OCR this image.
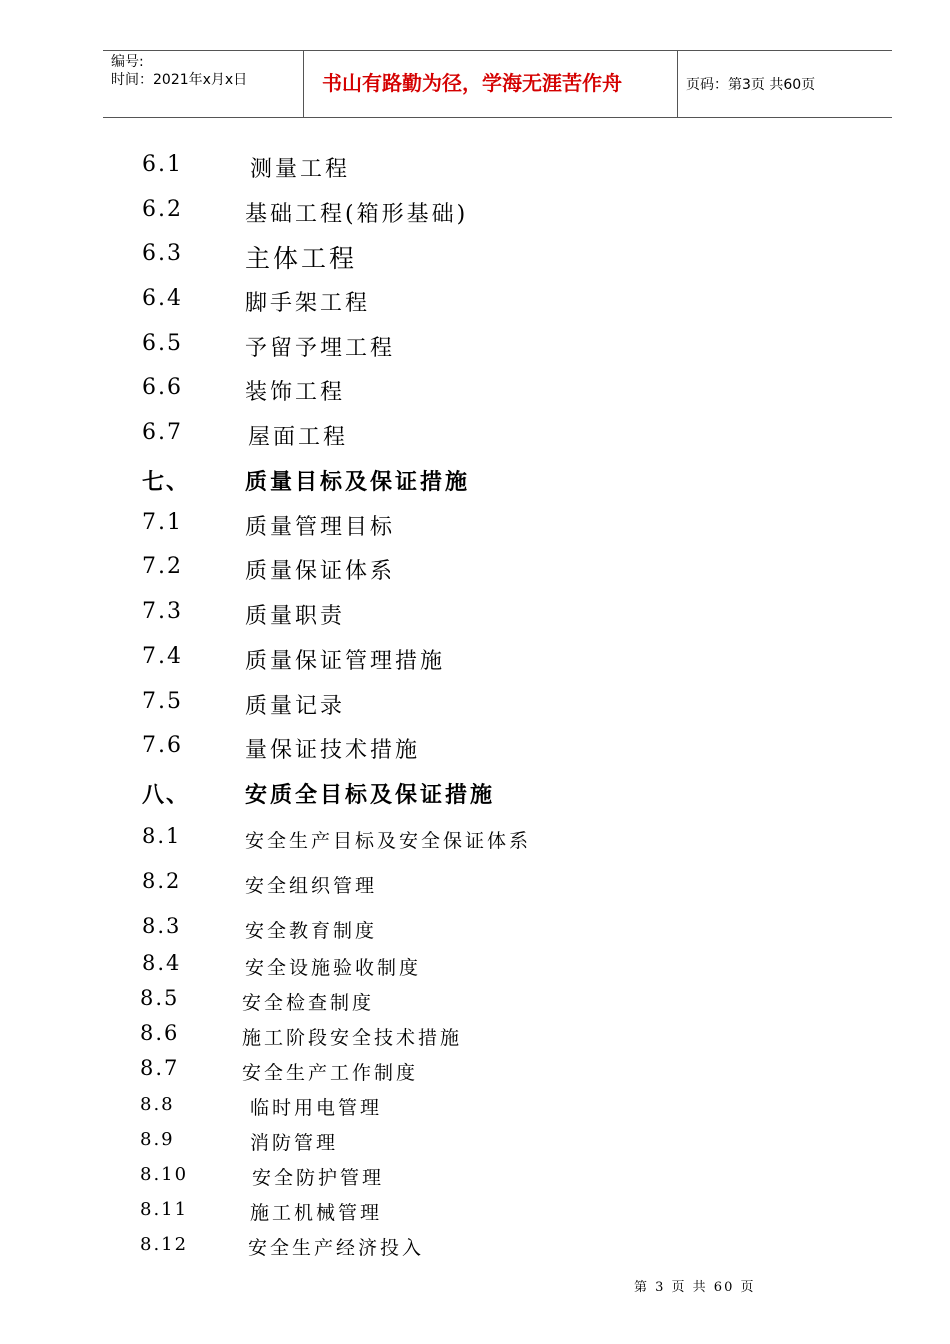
编号:
时间：2021年x月x日	书山有路勤为径，学海无涯苦作舟	页码：第3页 共60页
6.1	测量工程
6.2	基础工程(箱形基础)
6.3 主体工程
6.4	脚手架工程
6.5	予留予埋工程
6.6	装饰工程
6.7	屋面工程
七、 质量目标及保证措施
7.1	质量管理目标
7.2	质量保证体系
7.3	质量职责
7.4	质量保证管理措施
7.5	质量记录
7.6	量保证技术措施
八、 安质全目标及保证措施
8.1	安全生产目标及安全保证体系
8.2	安全组织管理
8.3	安全教育制度
8.4	安全设施验收制度
8.5	安全检查制度
8.6	施工阶段安全技术措施
8.7	安全生产工作制度
8.8	临时用电管理
8.9	消防管理
8.10	安全防护管理
8.11	施工机械管理
8.12	安全生产经济投入
第 3 页 共 60 页
